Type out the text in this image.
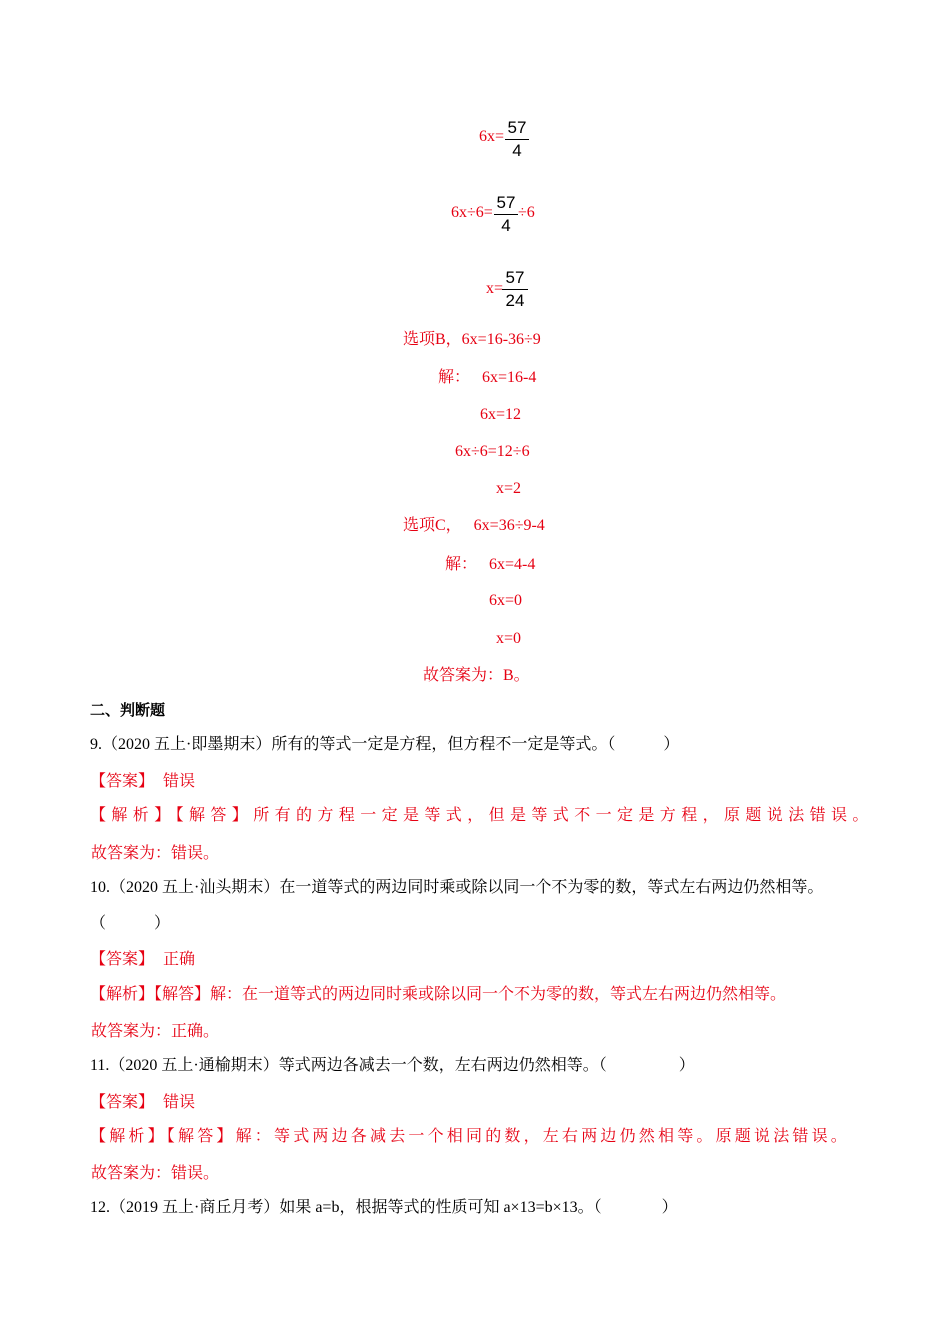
6x= 57
4
6x÷6=
57
4
÷6
x=
57
24
选项B，6x=16-36÷9
解：   6x=16-4
6x=12
6x÷6=12÷6
x=2
选项C，   6x=36÷9-4
解：   6x=4-4
6x=0
x=0
故答案为：B。
二、判断题
9.（2020 五上·即墨期末）所有的等式一定是方程，但方程不一定是等式。（            ）
【答案】 错误
【解析】【解答】所有的方程一定是等式，但是等式不一定是方程，原题说法错误。
故答案为：错误。
10.（2020 五上·汕头期末）在一道等式的两边同时乘或除以同一个不为零的数，等式左右两边仍然相等。
（            ）
【答案】 正确
【解析】【解答】解：在一道等式的两边同时乘或除以同一个不为零的数，等式左右两边仍然相等。
故答案为：正确。
11.（2020 五上·通榆期末）等式两边各减去一个数，左右两边仍然相等。（                  ）
【答案】 错误
【解析】【解答】解：等式两边各减去一个相同的数，左右两边仍然相等。原题说法错误。
故答案为：错误。
12.（2019 五上·商丘月考）如果 a=b，根据等式的性质可知 a×13=b×13。（               ）
